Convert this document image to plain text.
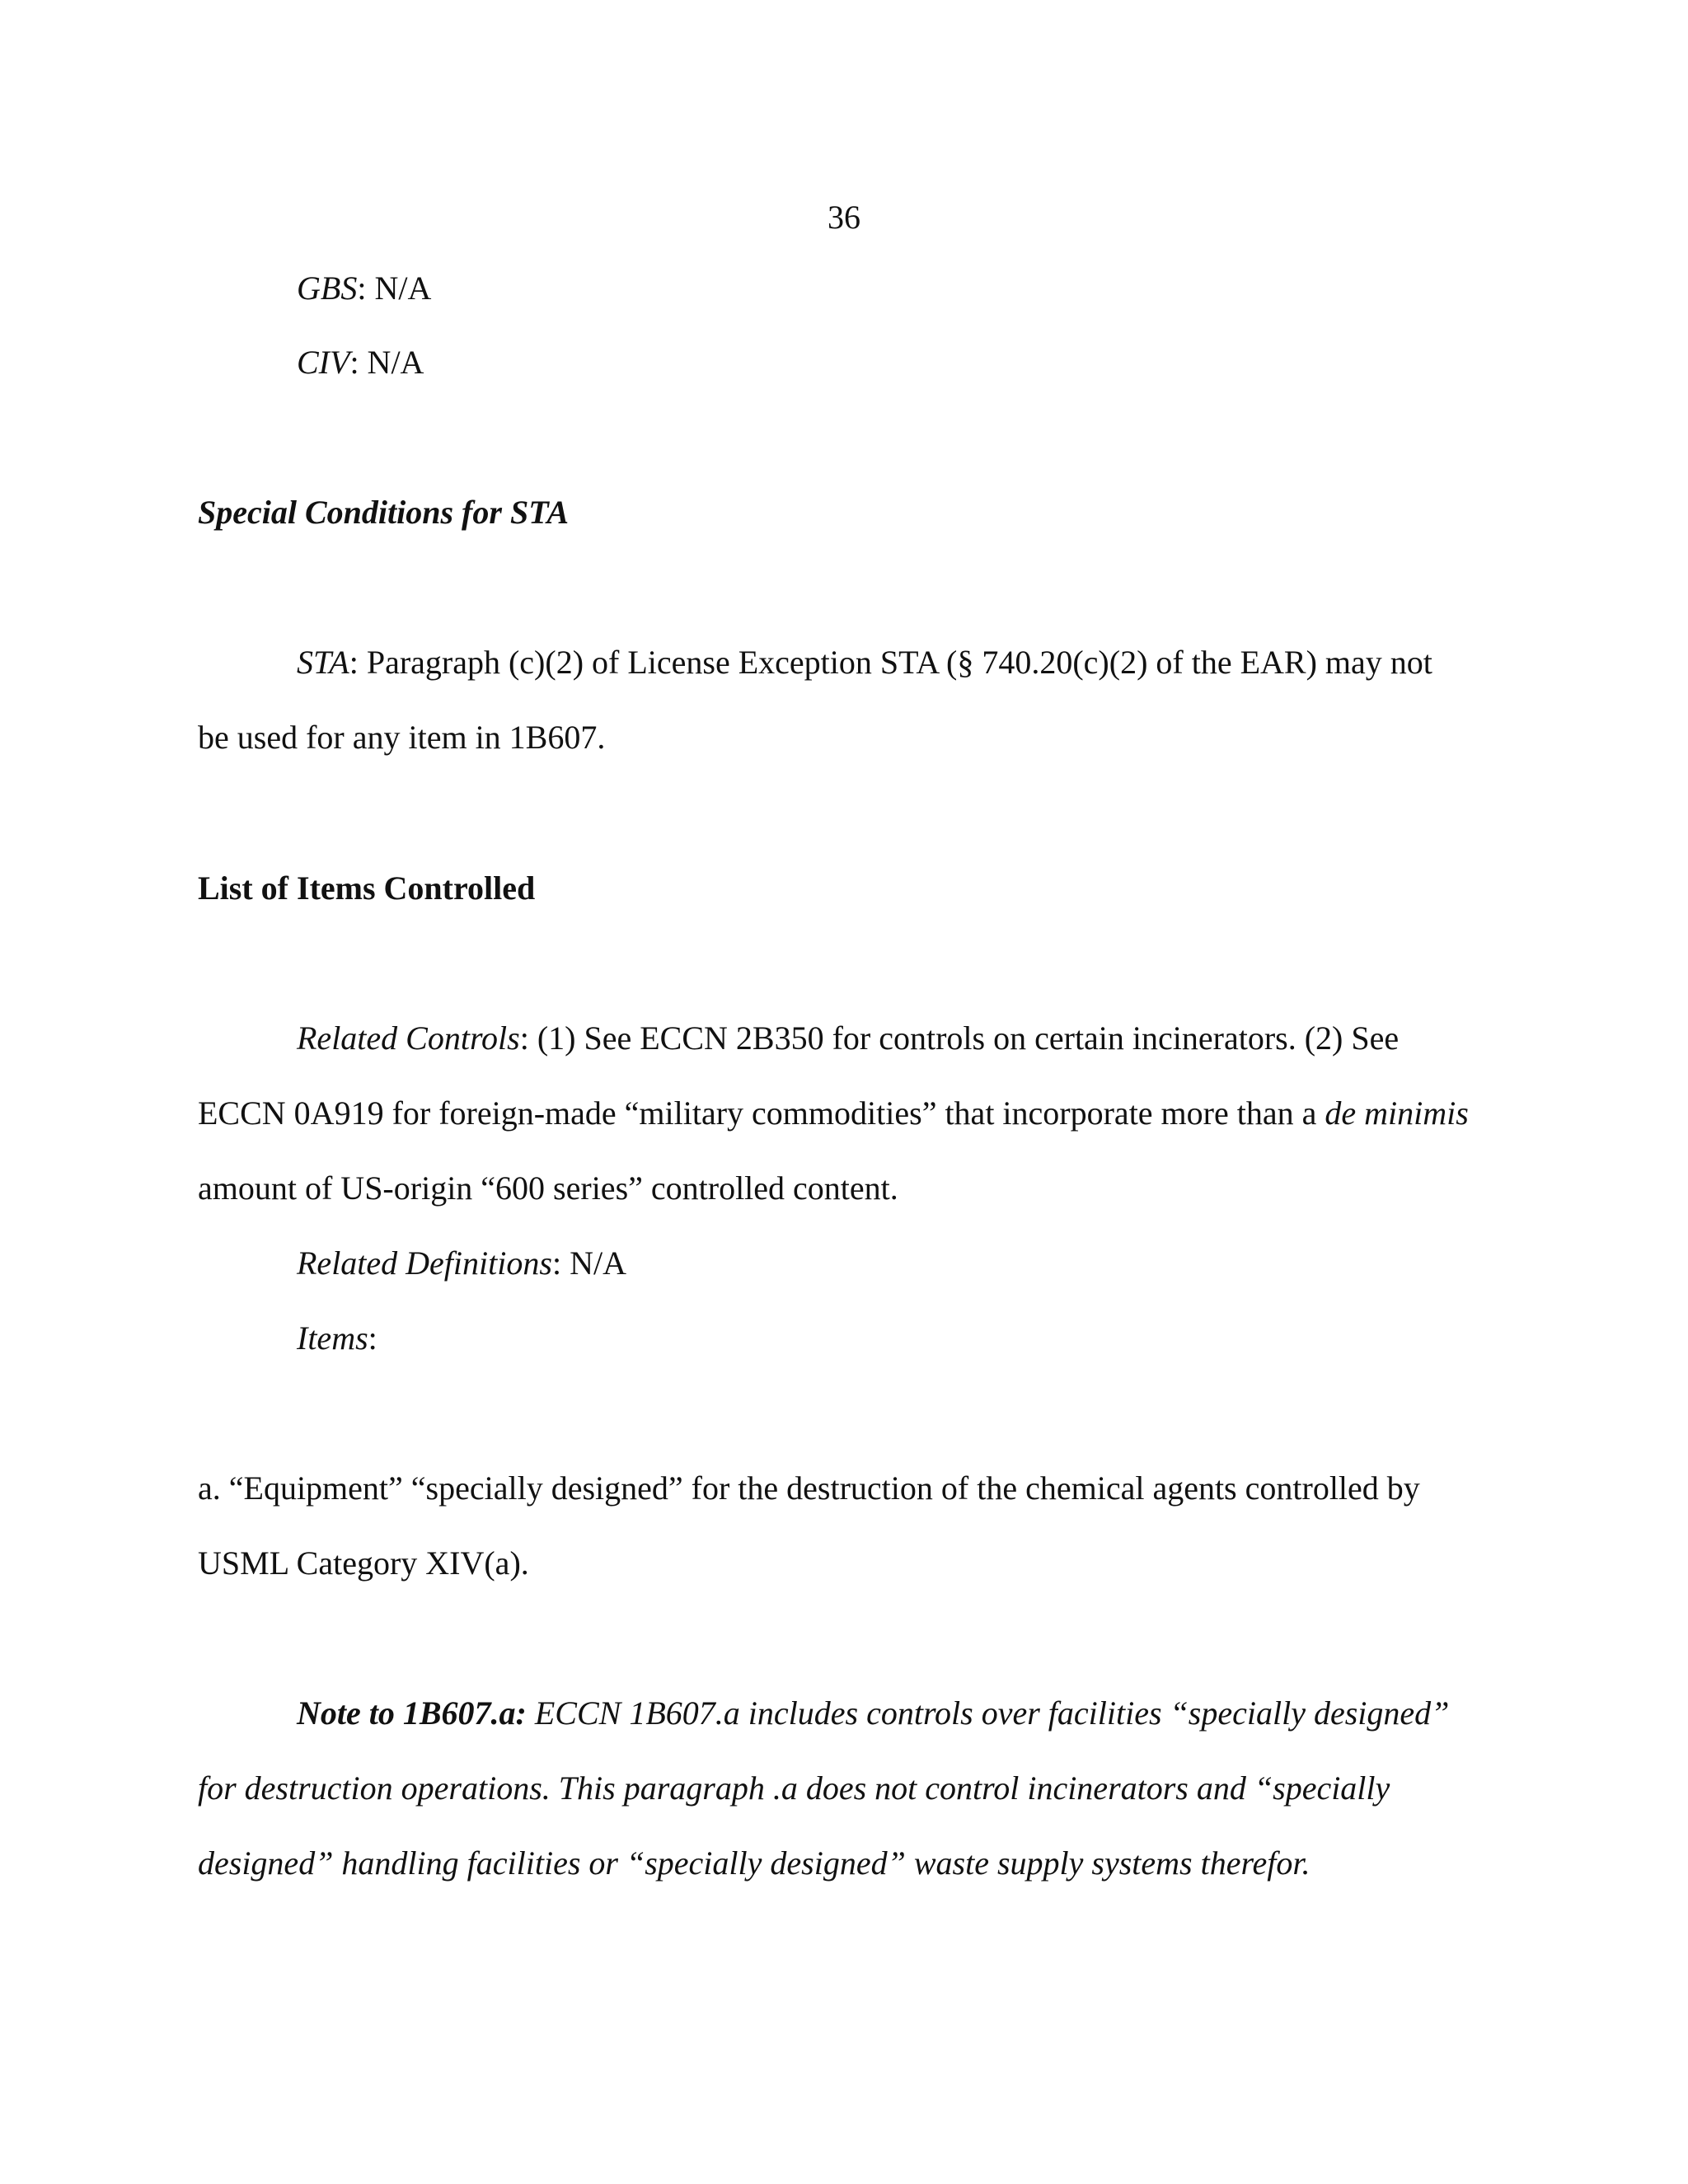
36
GBS: N/A
CIV: N/A
Special Conditions for STA
STA: Paragraph (c)(2) of License Exception STA (§ 740.20(c)(2) of the EAR) may not
be used for any item in 1B607.
List of Items Controlled
Related Controls: (1) See ECCN 2B350 for controls on certain incinerators. (2) See
ECCN 0A919 for foreign-made “military commodities” that incorporate more than a de minimis
amount of US-origin “600 series” controlled content.
Related Definitions: N/A
Items:
a. “Equipment” “specially designed” for the destruction of the chemical agents controlled by
USML Category XIV(a).
Note to 1B607.a: ECCN 1B607.a includes controls over facilities “specially designed”
for destruction operations. This paragraph .a does not control incinerators and “specially
designed” handling facilities or “specially designed” waste supply systems therefor.
